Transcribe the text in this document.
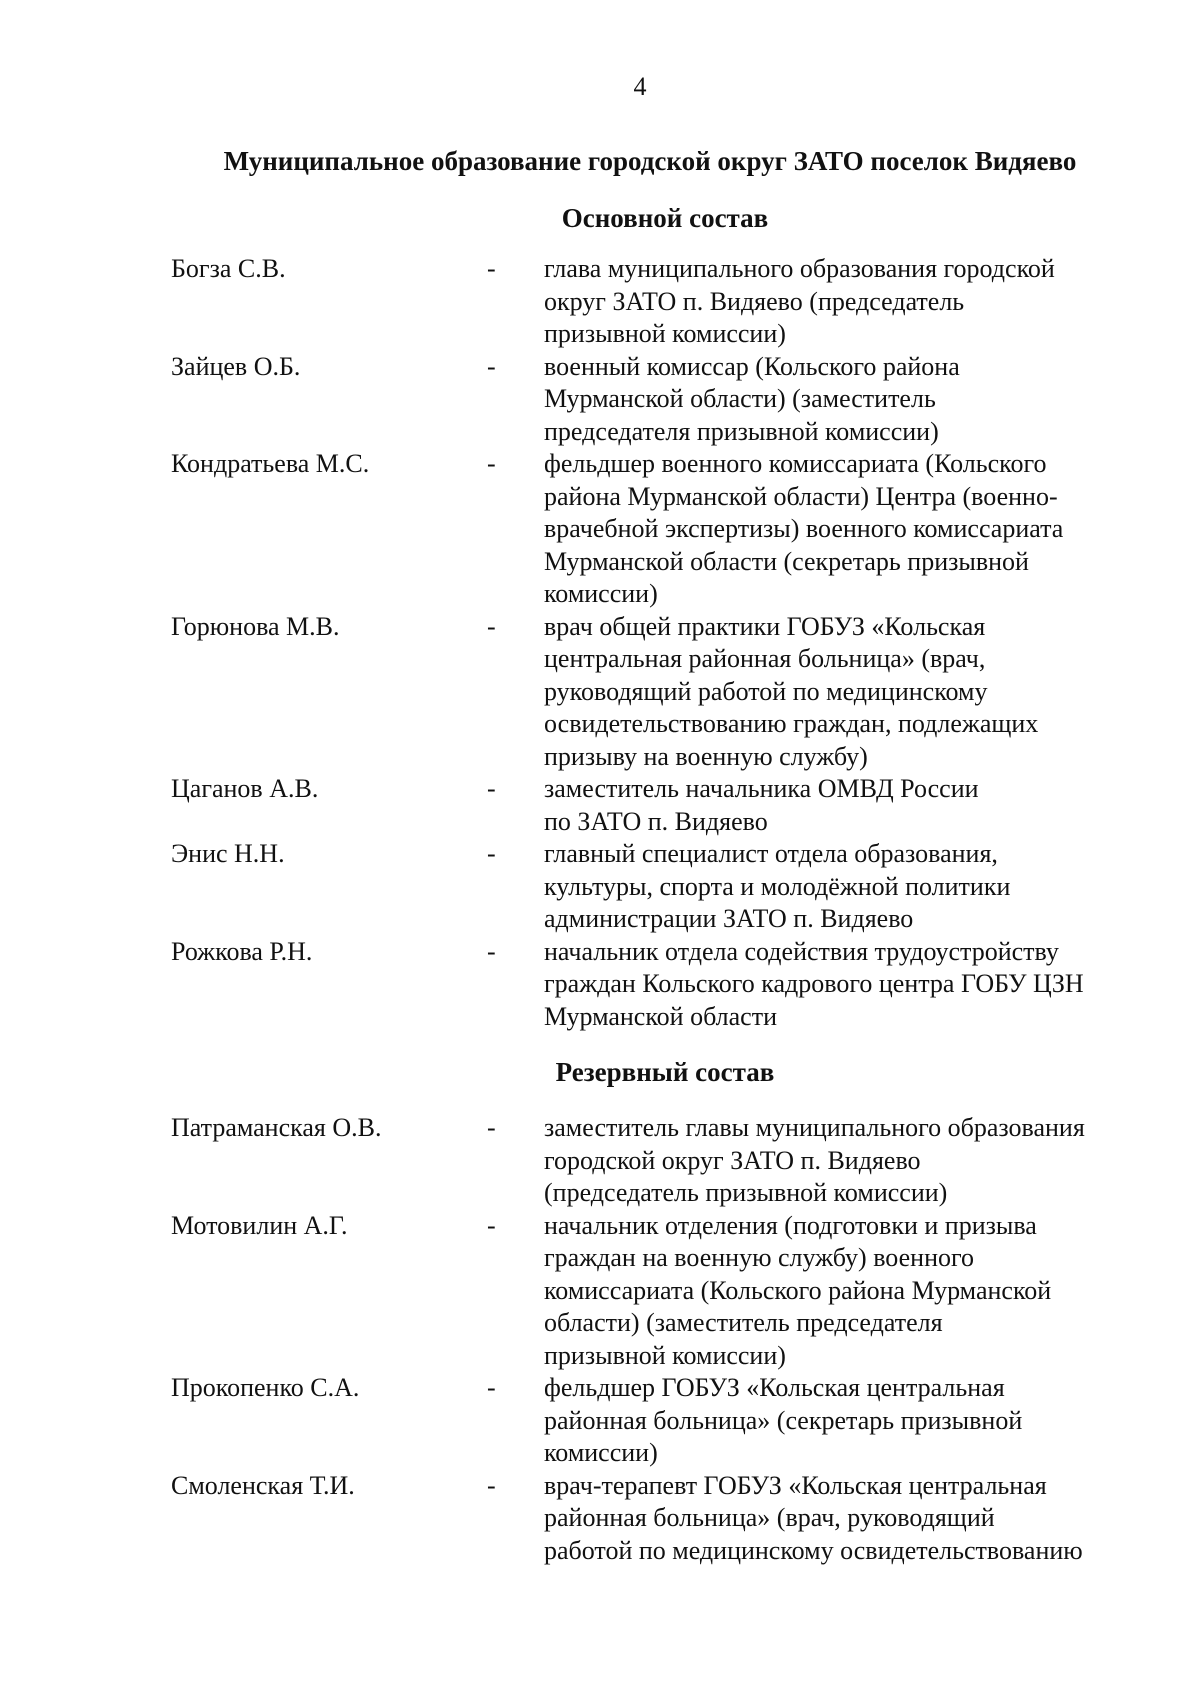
4
Муниципальное образование городской округ ЗАТО поселок Видяево
Основной состав
Богза С.В.	-	глава муниципального образования городской
округ ЗАТО п. Видяево (председатель
призывной комиссии)
Зайцев О.Б.	-	военный комиссар (Кольского района
Мурманской области) (заместитель
председателя призывной комиссии)
Кондратьева М.С.	-	фельдшер военного комиссариата (Кольского
района Мурманской области) Центра (военно-
врачебной экспертизы) военного комиссариата
Мурманской области (секретарь призывной
комиссии)
Горюнова М.В.	-	врач общей практики ГОБУЗ «Кольская
центральная районная больница» (врач,
руководящий работой по медицинскому
освидетельствованию граждан, подлежащих
призыву на военную службу)
Цаганов А.В.	-	заместитель начальника ОМВД России
по ЗАТО п. Видяево
Энис Н.Н.	-	главный специалист отдела образования,
культуры, спорта и молодёжной политики
администрации ЗАТО п. Видяево
Рожкова Р.Н.	-	начальник отдела содействия трудоустройству
граждан Кольского кадрового центра ГОБУ ЦЗН
Мурманской области
Резервный состав
Патраманская О.В.	-	заместитель главы муниципального образования
городской округ ЗАТО п. Видяево
(председатель призывной комиссии)
Мотовилин А.Г.	-	начальник отделения (подготовки и призыва
граждан на военную службу) военного
комиссариата (Кольского района Мурманской
области) (заместитель председателя
призывной комиссии)
Прокопенко С.А.	-	фельдшер ГОБУЗ «Кольская центральная
районная больница» (секретарь призывной
комиссии)
Смоленская Т.И.	-	врач-терапевт ГОБУЗ «Кольская центральная
районная больница» (врач, руководящий
работой по медицинскому освидетельствованию
